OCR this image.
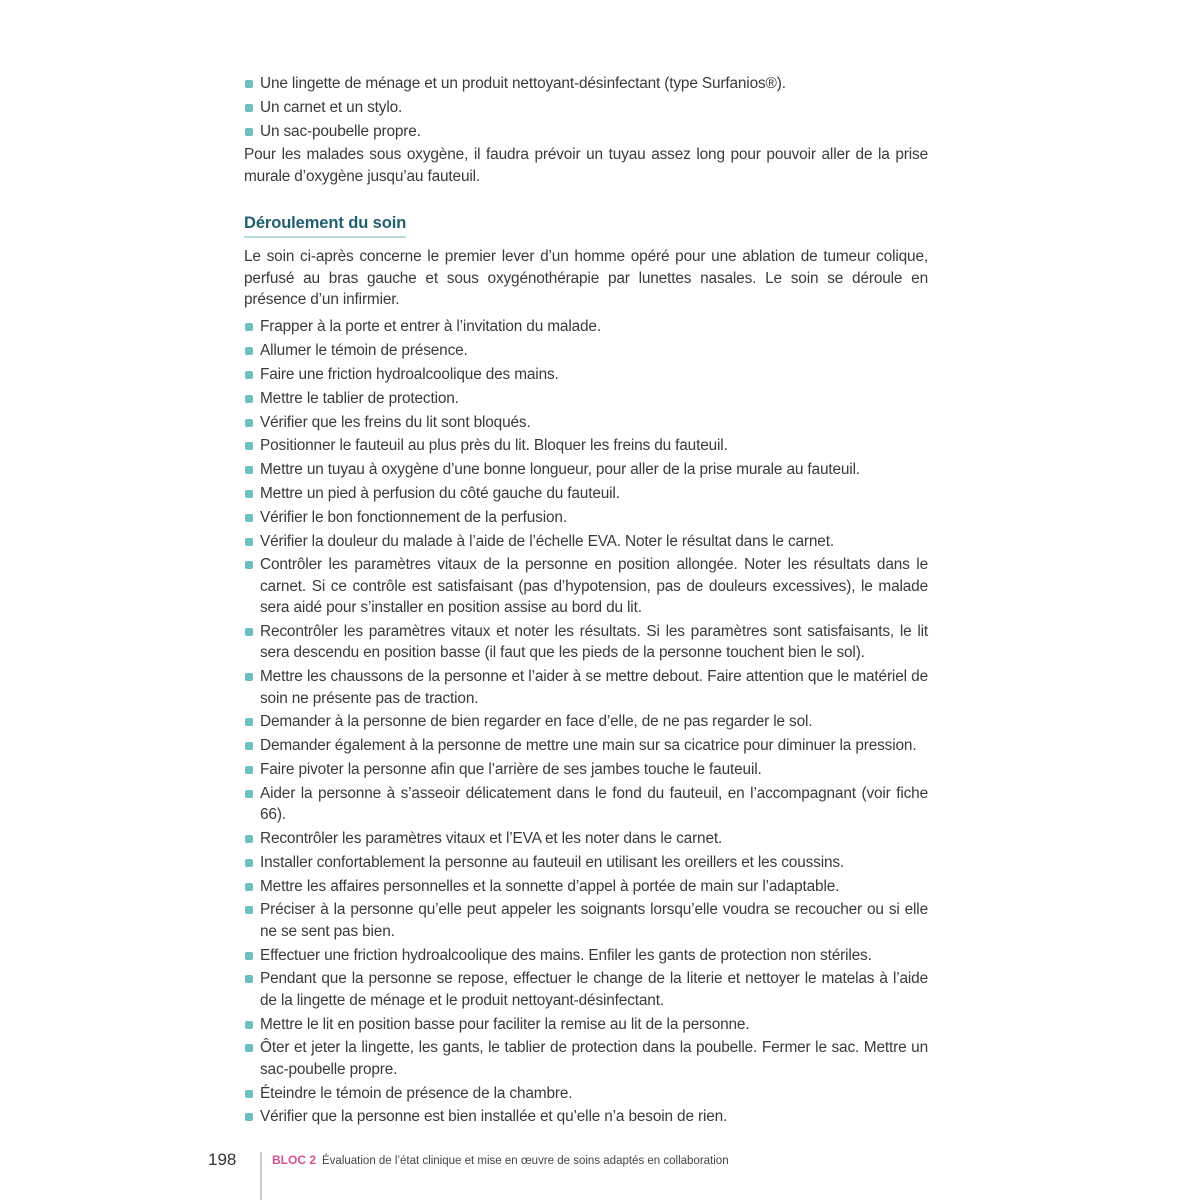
Une lingette de ménage et un produit nettoyant-désinfectant (type Surfanios®).
Un carnet et un stylo.
Un sac-poubelle propre.

Pour les malades sous oxygène, il faudra prévoir un tuyau assez long pour pouvoir aller de la prise murale d’oxygène jusqu’au fauteuil.

Déroulement du soin

Le soin ci-après concerne le premier lever d’un homme opéré pour une ablation de tumeur colique, perfusé au bras gauche et sous oxygénothérapie par lunettes nasales. Le soin se déroule en présence d’un infirmier.

Frapper à la porte et entrer à l’invitation du malade.
Allumer le témoin de présence.
Faire une friction hydroalcoolique des mains.
Mettre le tablier de protection.
Vérifier que les freins du lit sont bloqués.
Positionner le fauteuil au plus près du lit. Bloquer les freins du fauteuil.
Mettre un tuyau à oxygène d’une bonne longueur, pour aller de la prise murale au fauteuil.
Mettre un pied à perfusion du côté gauche du fauteuil.
Vérifier le bon fonctionnement de la perfusion.
Vérifier la douleur du malade à l’aide de l’échelle EVA. Noter le résultat dans le carnet.
Contrôler les paramètres vitaux de la personne en position allongée. Noter les résultats dans le carnet. Si ce contrôle est satisfaisant (pas d’hypotension, pas de douleurs excessives), le malade sera aidé pour s’installer en position assise au bord du lit.
Recontrôler les paramètres vitaux et noter les résultats. Si les paramètres sont satisfaisants, le lit sera descendu en position basse (il faut que les pieds de la personne touchent bien le sol).
Mettre les chaussons de la personne et l’aider à se mettre debout. Faire attention que le matériel de soin ne présente pas de traction.
Demander à la personne de bien regarder en face d’elle, de ne pas regarder le sol.
Demander également à la personne de mettre une main sur sa cicatrice pour diminuer la pression.
Faire pivoter la personne afin que l’arrière de ses jambes touche le fauteuil.
Aider la personne à s’asseoir délicatement dans le fond du fauteuil, en l’accompagnant (voir fiche 66).
Recontrôler les paramètres vitaux et l’EVA et les noter dans le carnet.
Installer confortablement la personne au fauteuil en utilisant les oreillers et les coussins.
Mettre les affaires personnelles et la sonnette d’appel à portée de main sur l’adaptable.
Préciser à la personne qu’elle peut appeler les soignants lorsqu’elle voudra se recoucher ou si elle ne se sent pas bien.
Effectuer une friction hydroalcoolique des mains. Enfiler les gants de protection non stériles.
Pendant que la personne se repose, effectuer le change de la literie et nettoyer le matelas à l’aide de la lingette de ménage et le produit nettoyant-désinfectant.
Mettre le lit en position basse pour faciliter la remise au lit de la personne.
Ôter et jeter la lingette, les gants, le tablier de protection dans la poubelle. Fermer le sac. Mettre un sac-poubelle propre.
Éteindre le témoin de présence de la chambre.
Vérifier que la personne est bien installée et qu’elle n’a besoin de rien.
198	BLOC 2 Évaluation de l’état clinique et mise en œuvre de soins adaptés en collaboration
